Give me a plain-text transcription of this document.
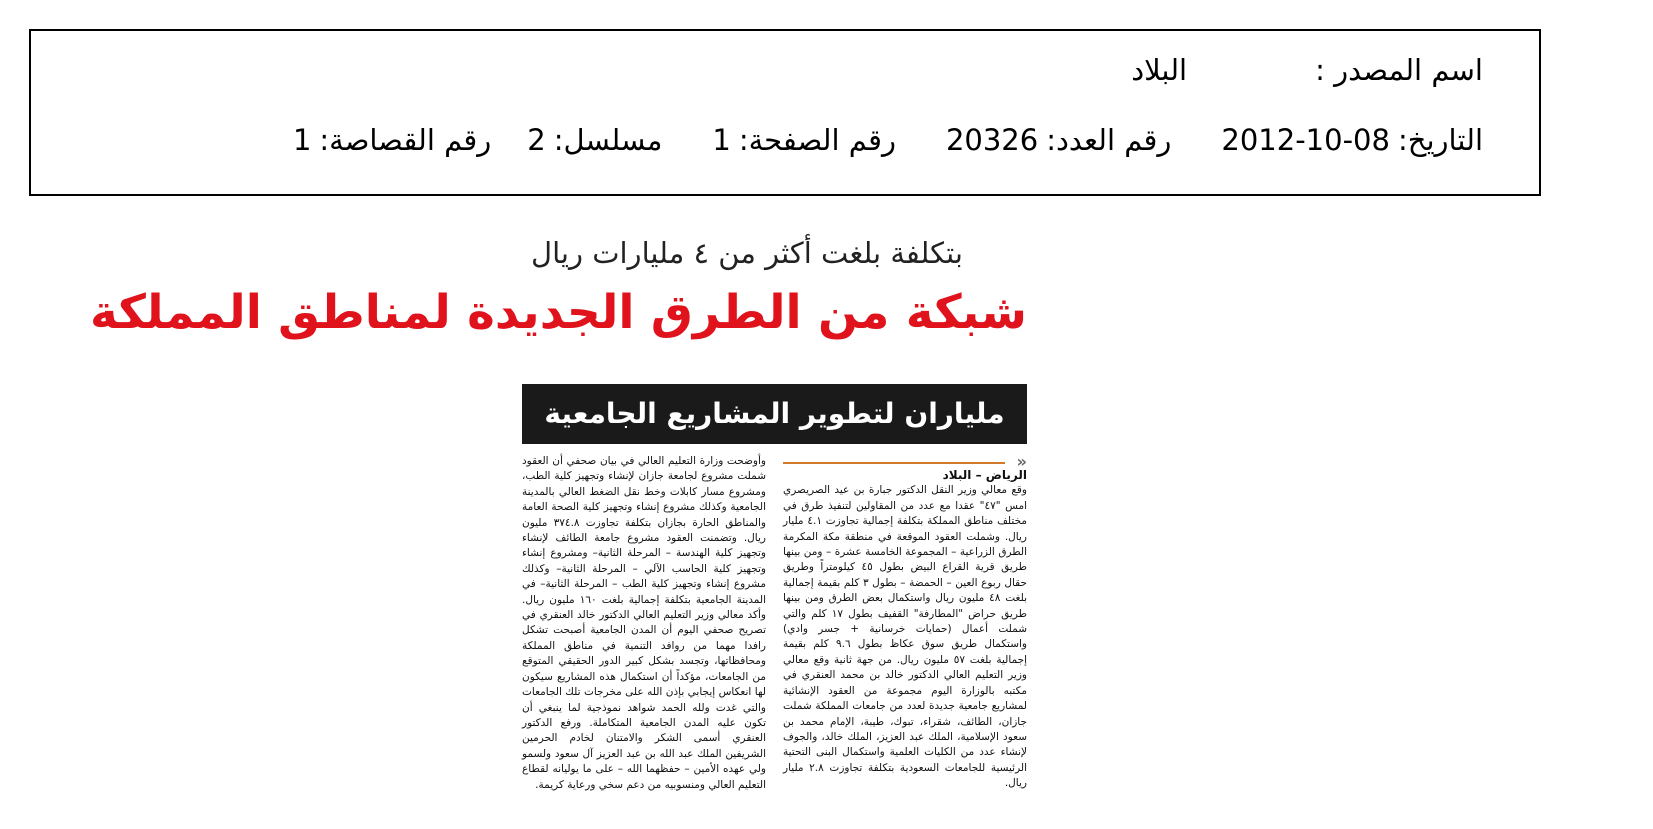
اسم المصدر :
البلاد
التاريخ:
2012-10-08
رقم العدد:
20326
رقم الصفحة:
1
مسلسل:
2
رقم القصاصة:
1
بتكلفة بلغت أكثر من ٤ مليارات ريال
شبكة من الطرق الجديدة لمناطق المملكة
ملياران لتطوير المشاريع الجامعية
«
الرياض – البلاد

وقع معالي وزير النقل الدكتور جبارة بن عيد الصريصري امس "٤٧" عقدا مع عدد من المقاولين لتنفيذ طرق في مختلف مناطق المملكة بتكلفة إجمالية تجاوزت ٤.١ مليار ريال. وشملت العقود الموقعة في منطقة مكة المكرمة الطرق الزراعية – المجموعة الخامسة عشرة – ومن بينها طريق قرية القراع البيض بطول ٤٥ كيلومتراً وطريق حقال ربوع العين – الحمضة – بطول ٣ كلم بقيمة إجمالية بلغت ٤٨ مليون ريال واستكمال بعض الطرق ومن بينها طريق حراض "المطارفة" القفيف بطول ١٧ كلم والتي شملت أعمال (حمايات خرسانية + جسر وادي) واستكمال طريق سوق عكاظ بطول ٩.٦ كلم بقيمة إجمالية بلغت ٥٧ مليون ريال. من جهة ثانية وقع معالي وزير التعليم العالي الدكتور خالد بن محمد العنقري في مكتبه بالوزارة اليوم مجموعة من العقود الإنشائية لمشاريع جامعية جديدة لعدد من جامعات المملكة شملت جازان، الطائف، شقراء، تبوك، طيبة، الإمام محمد بن سعود الإسلامية، الملك عبد العزيز، الملك خالد، والجوف لإنشاء عدد من الكليات العلمية واستكمال البنى التحتية الرئيسية للجامعات السعودية بتكلفة تجاوزت ٢.٨ مليار ريال.

وأوضحت وزارة التعليم العالي في بيان صحفي أن العقود شملت مشروع لجامعة جازان لإنشاء وتجهيز كلية الطب، ومشروع مسار كابلات وخط نقل الضغط العالي بالمدينة الجامعية وكذلك مشروع إنشاء وتجهيز كلية الصحة العامة والمناطق الحارة بجازان بتكلفة تجاوزت ٣٧٤.٨ مليون ريال. وتضمنت العقود مشروع جامعة الطائف لإنشاء وتجهيز كلية الهندسة – المرحلة الثانية– ومشروع إنشاء وتجهيز كلية الحاسب الآلي – المرحلة الثانية– وكذلك مشروع إنشاء وتجهيز كلية الطب – المرحلة الثانية– في المدينة الجامعية بتكلفة إجمالية بلغت ١٦٠ مليون ريال. وأكد معالي وزير التعليم العالي الدكتور خالد العنقري في تصريح صحفي اليوم أن المدن الجامعية أصبحت تشكل رافدا مهما من روافد التنمية في مناطق المملكة ومحافظاتها، وتجسد بشكل كبير الدور الحقيقي المتوقع من الجامعات، مؤكداً أن استكمال هذه المشاريع سيكون لها انعكاس إيجابي بإذن الله على مخرجات تلك الجامعات والتي غدت ولله الحمد شواهد نموذجية لما ينبغي أن تكون عليه المدن الجامعية المتكاملة. ورفع الدكتور العنقري أسمى الشكر والامتنان لخادم الحرمين الشريفين الملك عبد الله بن عبد العزيز آل سعود ولسمو ولي عهده الأمين – حفظهما الله – على ما يولیانه لقطاع التعليم العالي ومنسوبيه من دعم سخي ورعاية كريمة.
